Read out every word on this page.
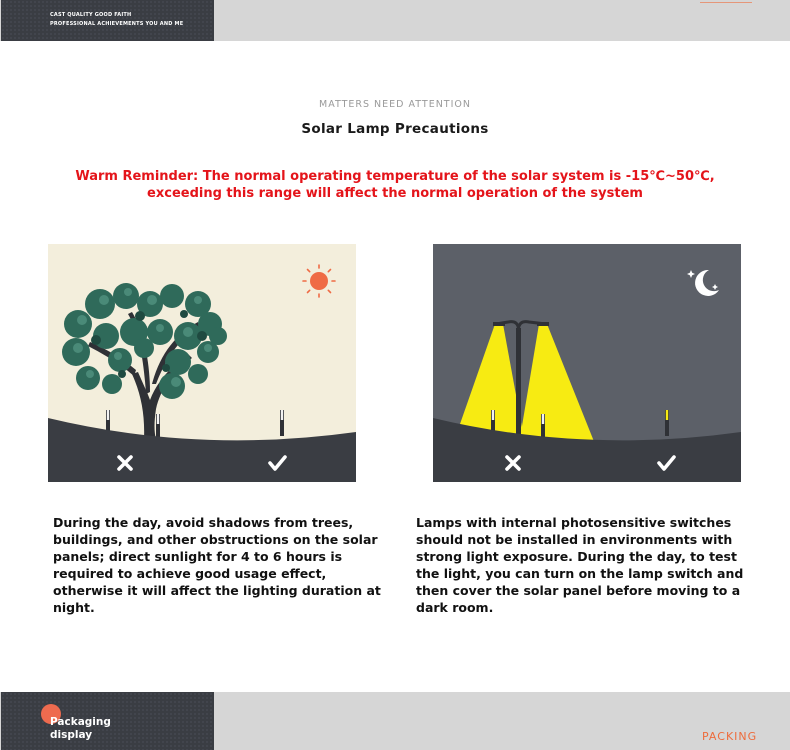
CAST QUALITY GOOD FAITH
PROFESSIONAL ACHIEVEMENTS YOU AND ME
MATTERS NEED ATTENTION
Solar Lamp Precautions
Warm Reminder: The normal operating temperature of the solar system is -15℃~50℃,
exceeding this range will affect the normal operation of the system
During the day, avoid shadows from trees, buildings, and other obstructions on the solar panels; direct sunlight for 4 to 6 hours is required to achieve good usage effect, otherwise it will affect the lighting duration at night.
Lamps with internal photosensitive switches should not be installed in environments with strong light exposure. During the day, to test the light, you can turn on the lamp switch and then cover the solar panel before moving to a dark room.
Packaging
display	PACKING
